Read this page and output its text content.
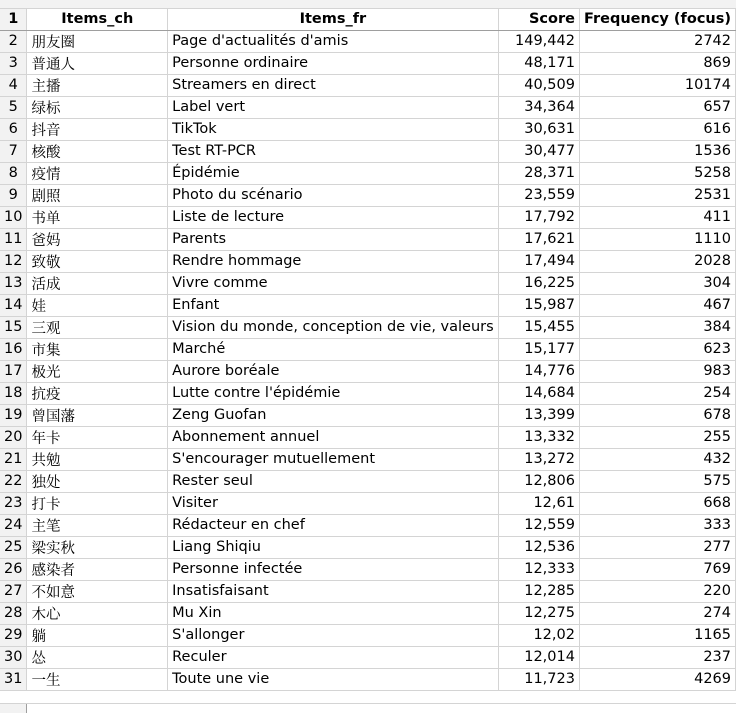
1	Items_ch	Items_fr	Score	Frequency (focus)
2	朋友圈	Page d'actualités d'amis	149,442	2742
3	普通人	Personne ordinaire	48,171	869
4	主播	Streamers en direct	40,509	10174
5	绿标	Label vert	34,364	657
6	抖音	TikTok	30,631	616
7	核酸	Test RT-PCR	30,477	1536
8	疫情	Épidémie	28,371	5258
9	剧照	Photo du scénario	23,559	2531
10	书单	Liste de lecture	17,792	411
11	爸妈	Parents	17,621	1110
12	致敬	Rendre hommage	17,494	2028
13	活成	Vivre comme	16,225	304
14	娃	Enfant	15,987	467
15	三观	Vision du monde, conception de vie, valeurs	15,455	384
16	市集	Marché	15,177	623
17	极光	Aurore boréale	14,776	983
18	抗疫	Lutte contre l'épidémie	14,684	254
19	曾国藩	Zeng Guofan	13,399	678
20	年卡	Abonnement annuel	13,332	255
21	共勉	S'encourager mutuellement	13,272	432
22	独处	Rester seul	12,806	575
23	打卡	Visiter	12,61	668
24	主笔	Rédacteur en chef	12,559	333
25	梁实秋	Liang Shiqiu	12,536	277
26	感染者	Personne infectée	12,333	769
27	不如意	Insatisfaisant	12,285	220
28	木心	Mu Xin	12,275	274
29	躺	S'allonger	12,02	1165
30	怂	Reculer	12,014	237
31	一生	Toute une vie	11,723	4269
